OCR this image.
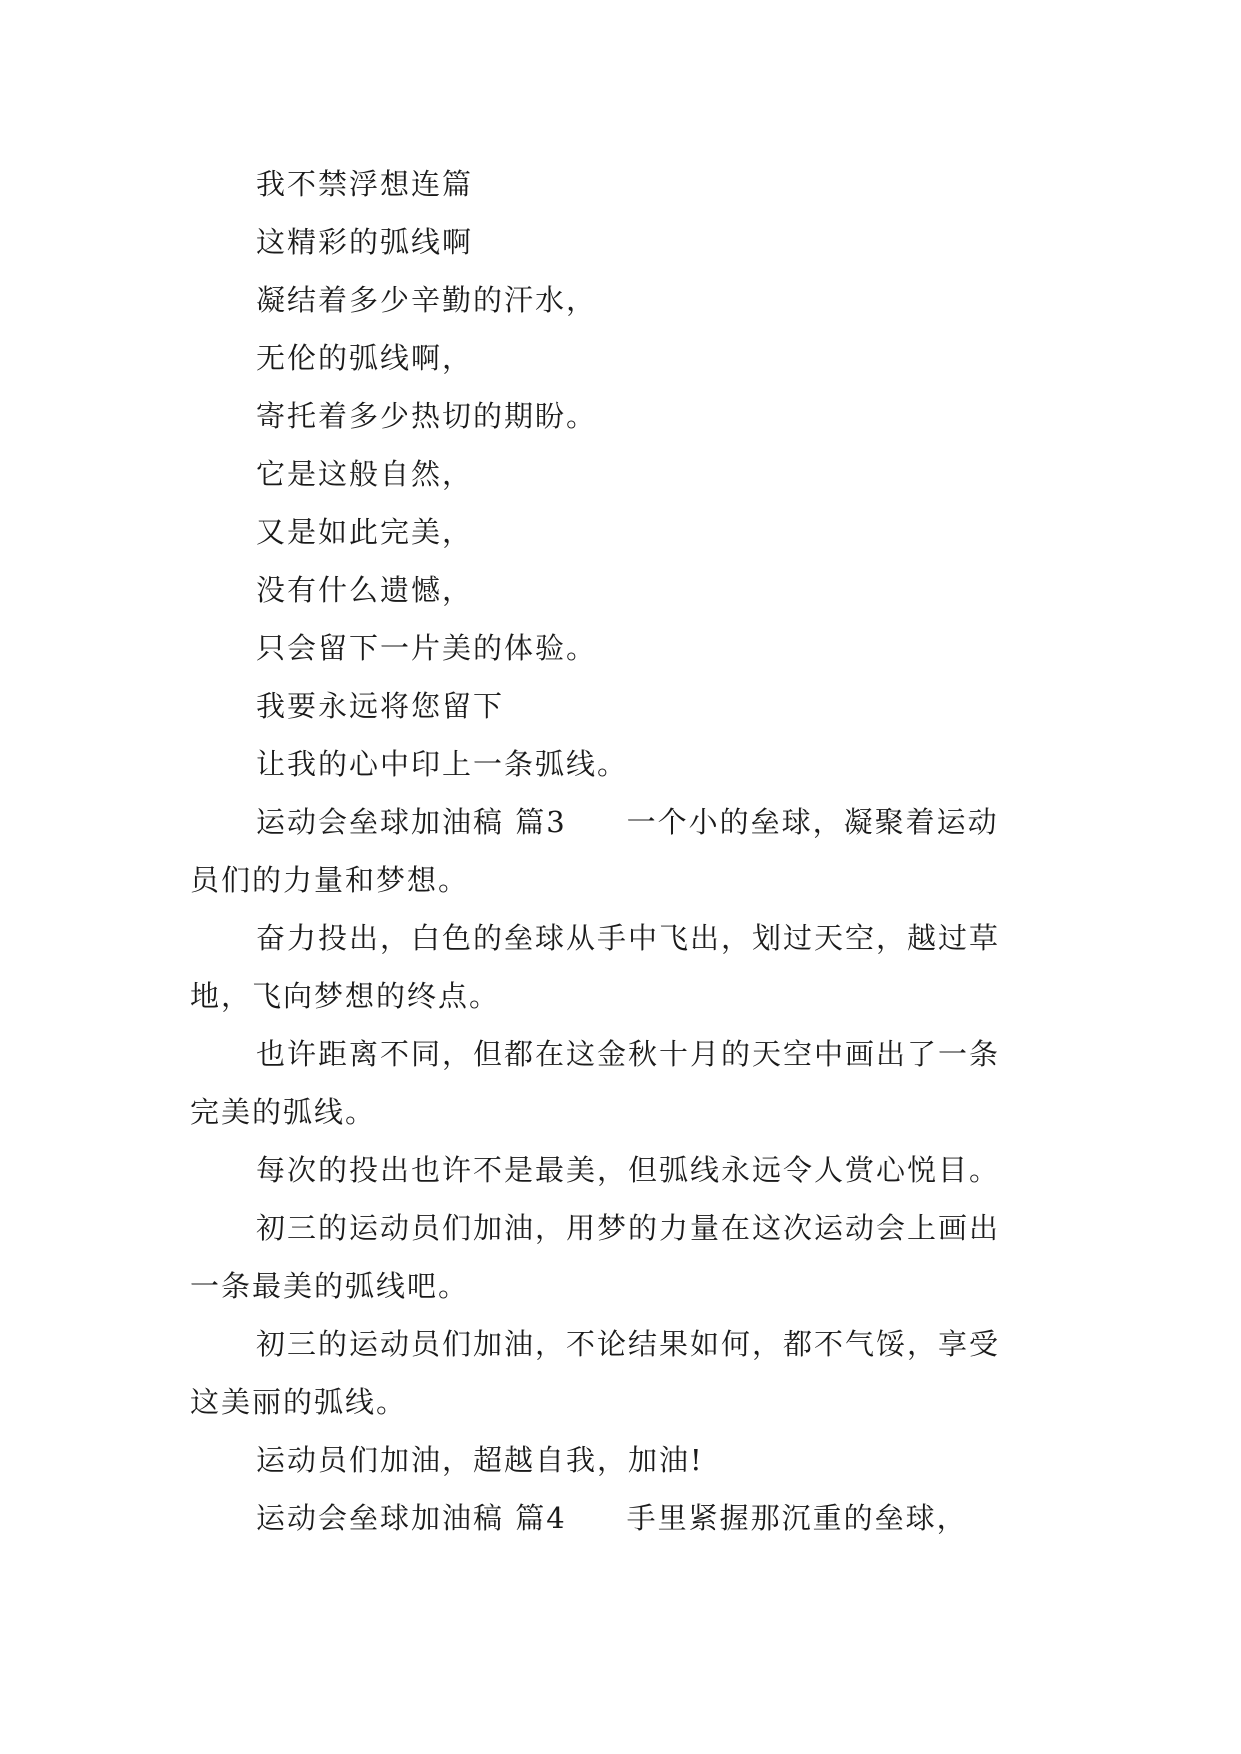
我不禁浮想连篇
这精彩的弧线啊
凝结着多少辛勤的汗水，
无伦的弧线啊，
寄托着多少热切的期盼。
它是这般自然，
又是如此完美，
没有什么遗憾，
只会留下一片美的体验。
我要永远将您留下
让我的心中印上一条弧线。
运动会垒球加油稿 篇3 一个小的垒球，凝聚着运动
员们的力量和梦想。
奋力投出，白色的垒球从手中飞出，划过天空，越过草
地，飞向梦想的终点。
也许距离不同，但都在这金秋十月的天空中画出了一条
完美的弧线。
每次的投出也许不是最美，但弧线永远令人赏心悦目。
初三的运动员们加油，用梦的力量在这次运动会上画出
一条最美的弧线吧。
初三的运动员们加油，不论结果如何，都不气馁，享受
这美丽的弧线。
运动员们加油，超越自我，加油!
运动会垒球加油稿 篇4 手里紧握那沉重的垒球，
